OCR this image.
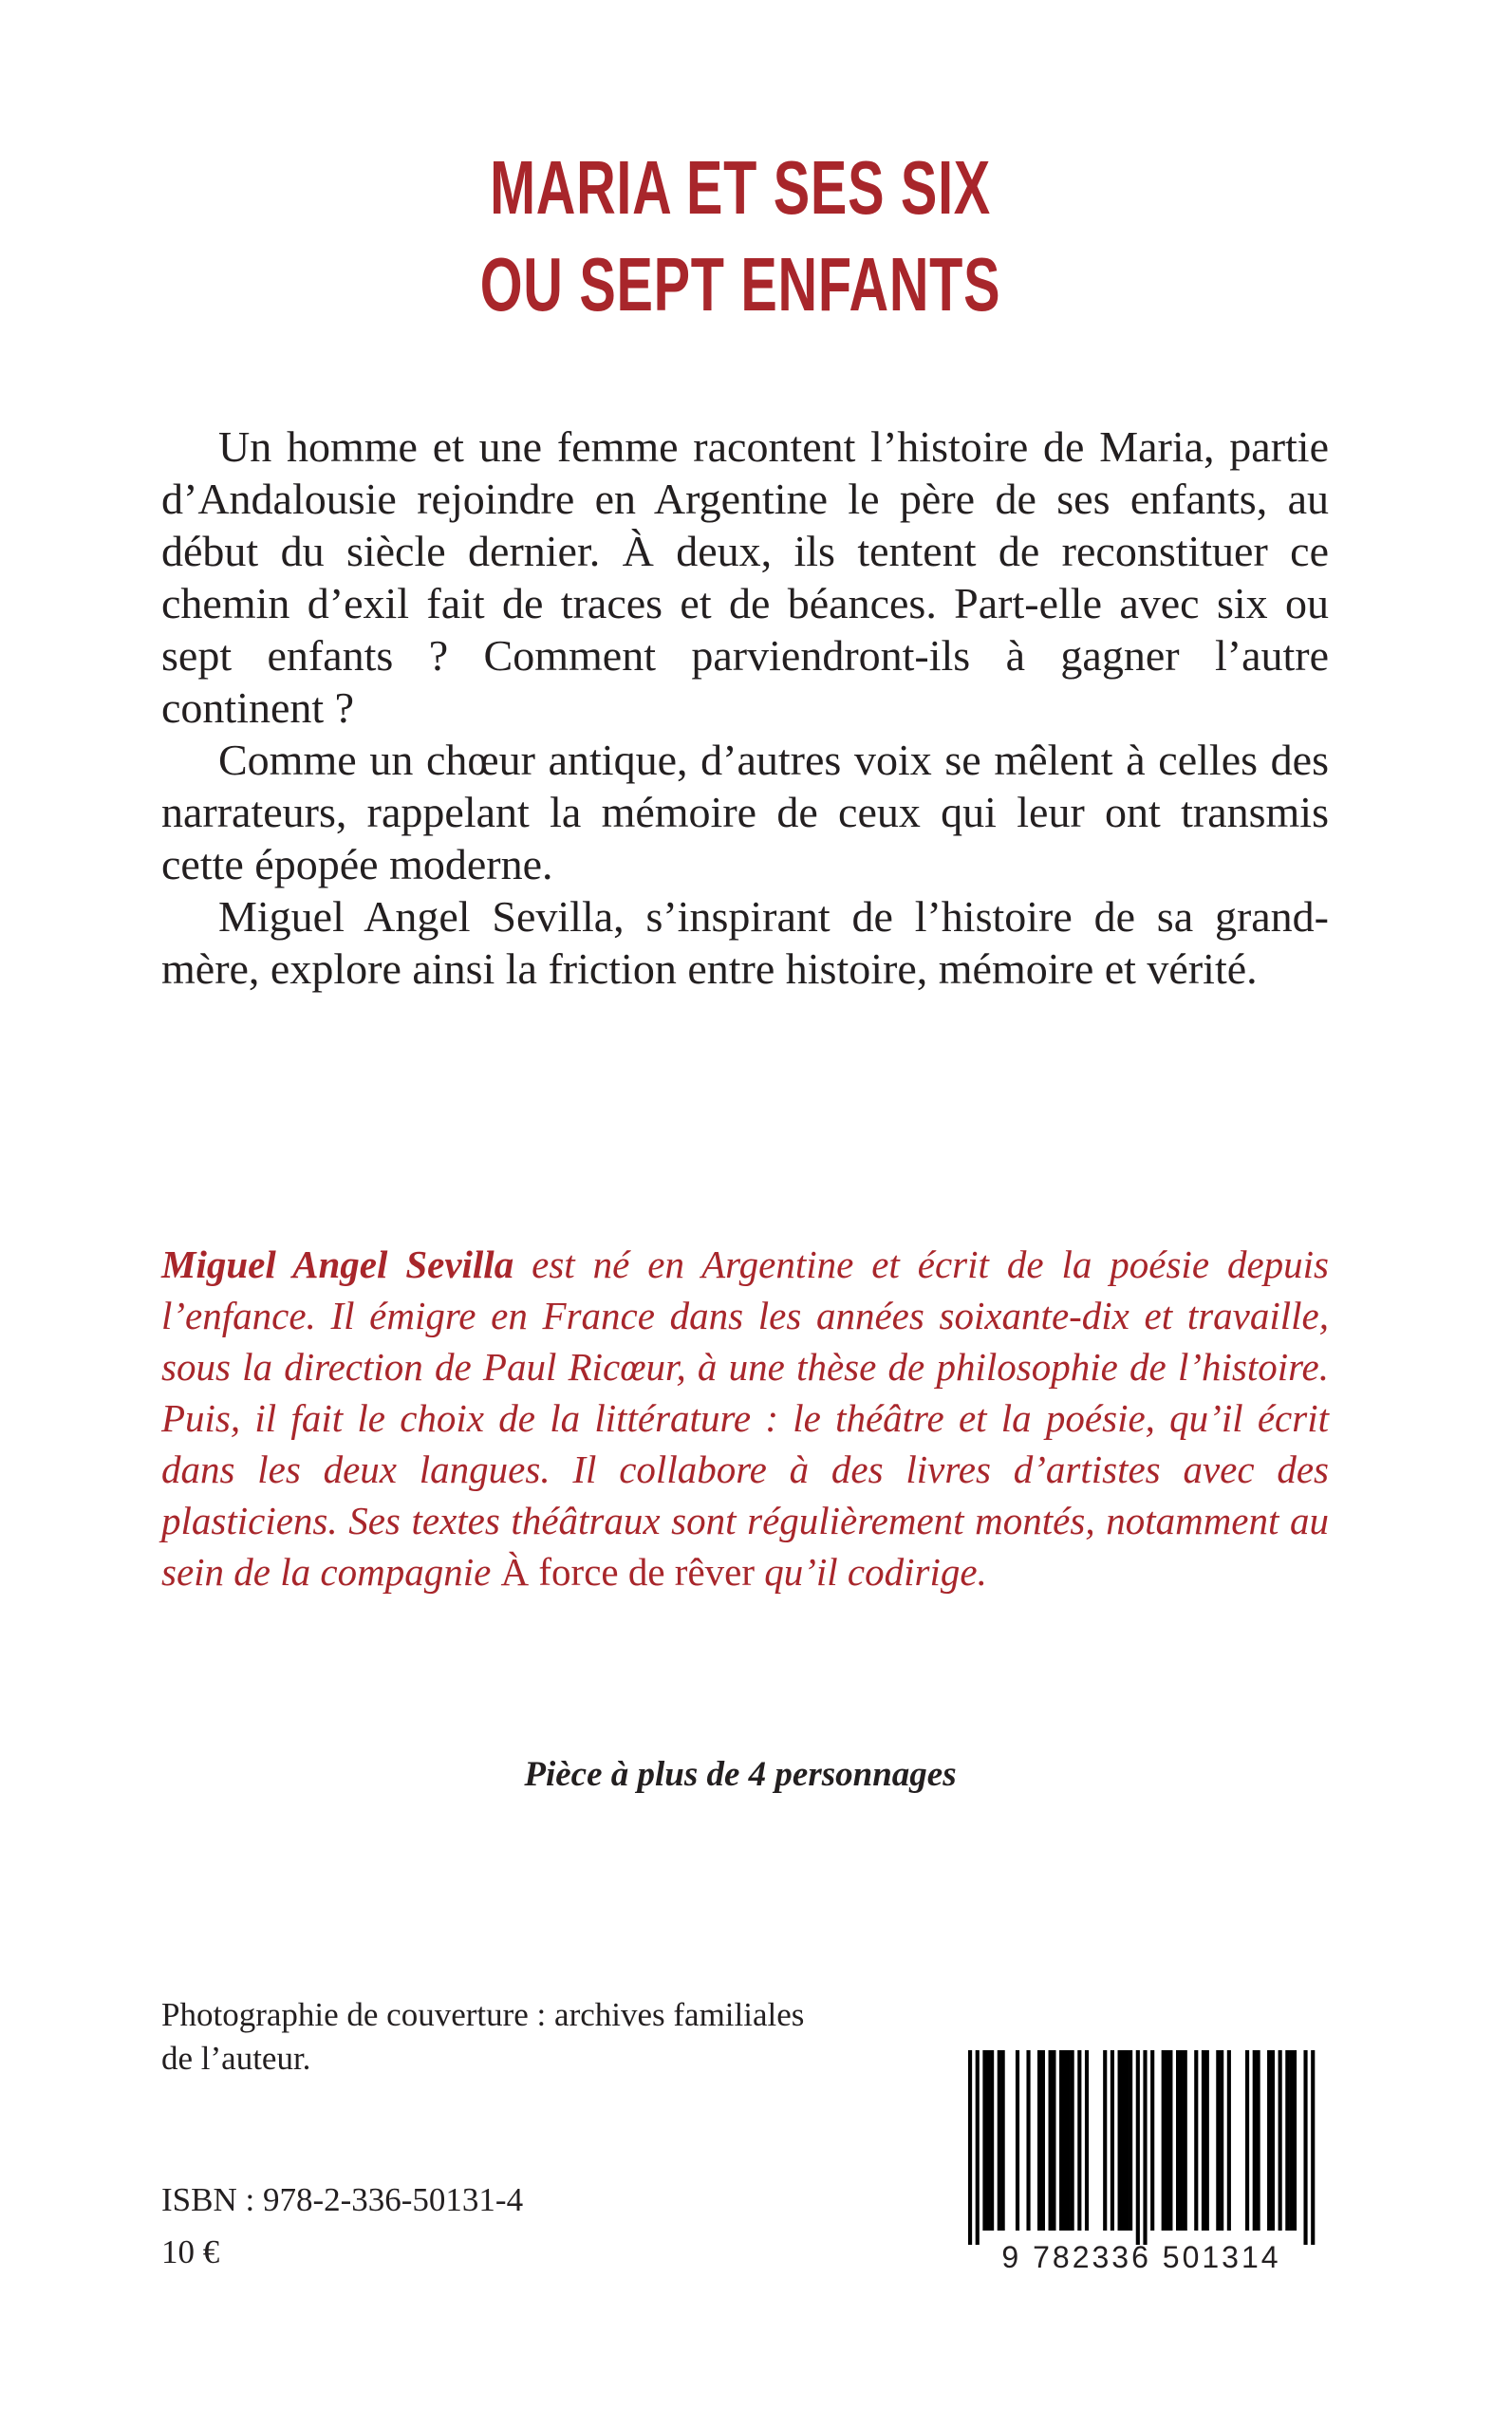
MARIA ET SES SIX
OU SEPT ENFANTS

Un homme et une femme racontent l’histoire de Maria, partie d’Andalousie rejoindre en Argentine le père de ses enfants, au début du siècle dernier. À deux, ils tentent de reconstituer ce chemin d’exil fait de traces et de béances. Part-elle avec six ou sept enfants ? Comment parviendront-ils à gagner l’autre continent ?

Comme un chœur antique, d’autres voix se mêlent à celles des narrateurs, rappelant la mémoire de ceux qui leur ont transmis cette épopée moderne.

Miguel Angel Sevilla, s’inspirant de l’histoire de sa grand-mère, explore ainsi la friction entre histoire, mémoire et vérité.

Miguel Angel Sevilla est né en Argentine et écrit de la poésie depuis l’enfance. Il émigre en France dans les années soixante-dix et travaille, sous la direction de Paul Ricœur, à une thèse de philosophie de l’histoire. Puis, il fait le choix de la littérature : le théâtre et la poésie, qu’il écrit dans les deux langues. Il collabore à des livres d’artistes avec des plasticiens. Ses textes théâtraux sont régulièrement montés, notamment au sein de la compagnie À force de rêver qu’il codirige.
Pièce à plus de 4 personnages
Photographie de couverture : archives familiales
de l’auteur.
ISBN : 978-2-336-50131-4
10 €	9 782336 501314
